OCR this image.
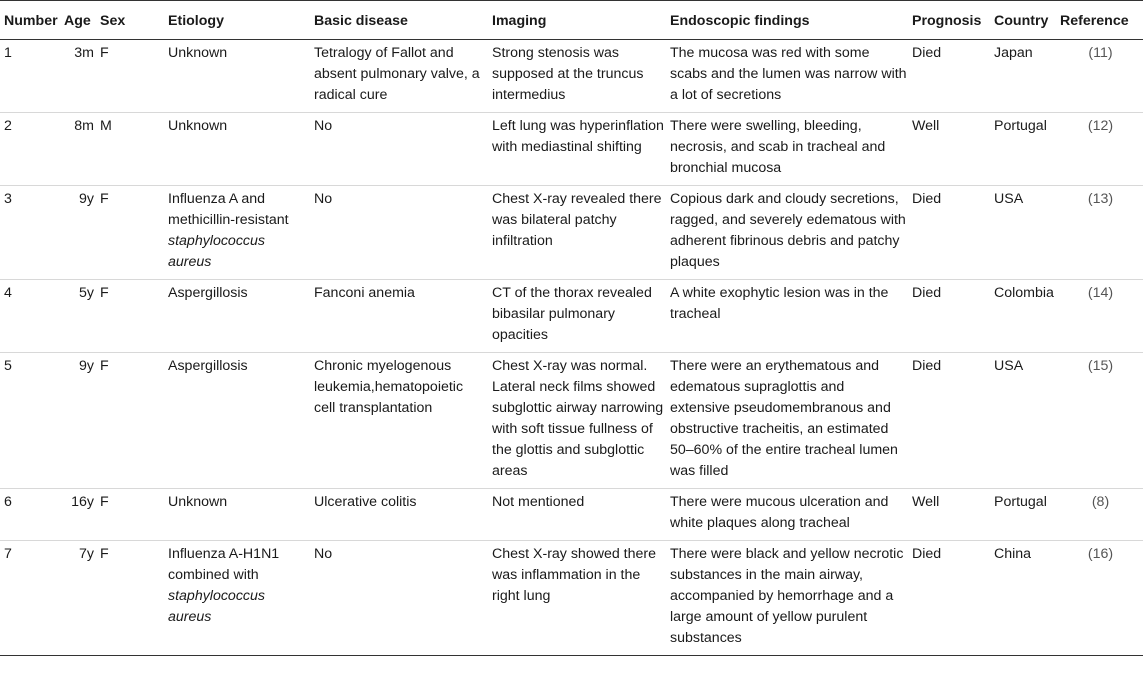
Number	Age	Sex	Etiology	Basic disease	Imaging	Endoscopic findings	Prognosis	Country	Reference
1	3m	F	Unknown	Tetralogy of Fallot and absent pulmonary valve, a radical cure	Strong stenosis was supposed at the truncus intermedius	The mucosa was red with some scabs and the lumen was narrow with a lot of secretions	Died	Japan	(11)
2	8m	M	Unknown	No	Left lung was hyperinflation with mediastinal shifting	There were swelling, bleeding, necrosis, and scab in tracheal and bronchial mucosa	Well	Portugal	(12)
3	9y	F	Influenza A and methicillin-resistant staphylococcus aureus	No	Chest X-ray revealed there was bilateral patchy infiltration	Copious dark and cloudy secretions, ragged, and severely edematous with adherent fibrinous debris and patchy plaques	Died	USA	(13)
4	5y	F	Aspergillosis	Fanconi anemia	CT of the thorax revealed bibasilar pulmonary opacities	A white exophytic lesion was in the tracheal	Died	Colombia	(14)
5	9y	F	Aspergillosis	Chronic myelogenous leukemia,hematopoietic cell transplantation	Chest X-ray was normal. Lateral neck films showed subglottic airway narrowing with soft tissue fullness of the glottis and subglottic areas	There were an erythematous and edematous supraglottis and extensive pseudomembranous and obstructive tracheitis, an estimated 50–60% of the entire tracheal lumen was filled	Died	USA	(15)
6	16y	F	Unknown	Ulcerative colitis	Not mentioned	There were mucous ulceration and white plaques along tracheal	Well	Portugal	(8)
7	7y	F	Influenza A-H1N1 combined with staphylococcus aureus	No	Chest X-ray showed there was inflammation in the right lung	There were black and yellow necrotic substances in the main airway, accompanied by hemorrhage and a large amount of yellow purulent substances	Died	China	(16)
